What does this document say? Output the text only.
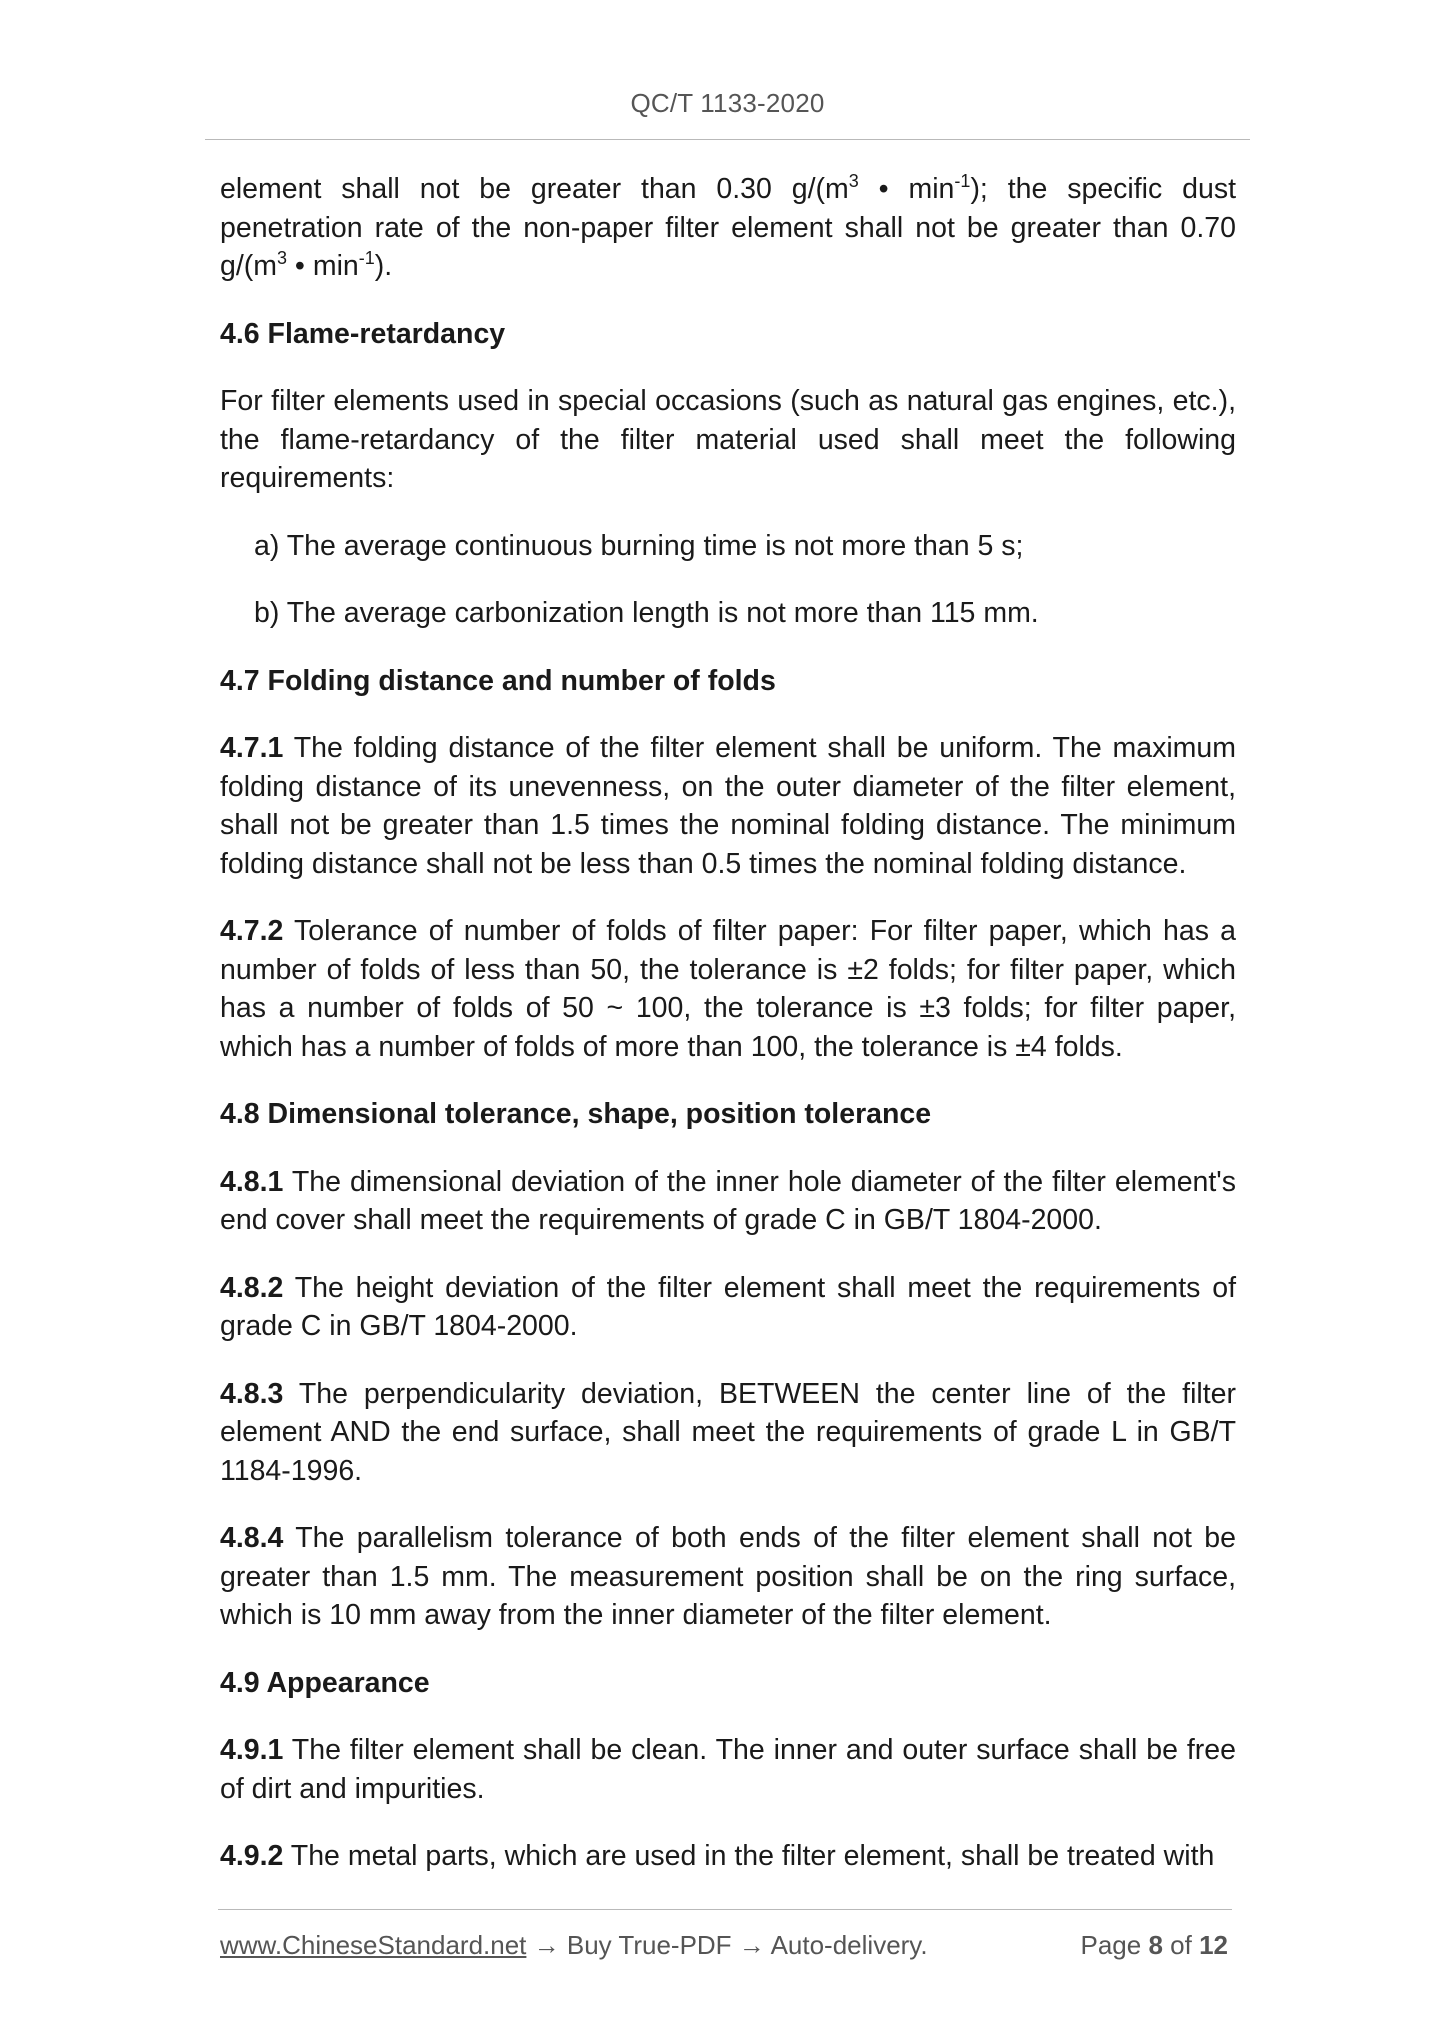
QC/T 1133-2020

element shall not be greater than 0.30 $g/(m^3$ • $\min^{-1}$); the specific dust penetration rate of the non-paper filter element shall not be greater than 0.70 $g/(m^3$ • $\min^{-1}$).

4.6 Flame-retardancy

For filter elements used in special occasions (such as natural gas engines, etc.), the flame-retardancy of the filter material used shall meet the following requirements:

a) The average continuous burning time is not more than 5 s;

b) The average carbonization length is not more than 115 mm.

4.7 Folding distance and number of folds

4.7.1 The folding distance of the filter element shall be uniform. The maximum folding distance of its unevenness, on the outer diameter of the filter element, shall not be greater than 1.5 times the nominal folding distance. The minimum folding distance shall not be less than 0.5 times the nominal folding distance.

4.7.2 Tolerance of number of folds of filter paper: For filter paper, which has a number of folds of less than 50, the tolerance is ±2 folds; for filter paper, which has a number of folds of 50 ~ 100, the tolerance is ±3 folds; for filter paper, which has a number of folds of more than 100, the tolerance is ±4 folds.

4.8 Dimensional tolerance, shape, position tolerance

4.8.1 The dimensional deviation of the inner hole diameter of the filter element's end cover shall meet the requirements of grade C in GB/T 1804-2000.

4.8.2 The height deviation of the filter element shall meet the requirements of grade C in GB/T 1804-2000.

4.8.3 The perpendicularity deviation, BETWEEN the center line of the filter element AND the end surface, shall meet the requirements of grade L in GB/T 1184-1996.

4.8.4 The parallelism tolerance of both ends of the filter element shall not be greater than 1.5 mm. The measurement position shall be on the ring surface, which is 10 mm away from the inner diameter of the filter element.

4.9 Appearance

4.9.1 The filter element shall be clean. The inner and outer surface shall be free of dirt and impurities.

4.9.2 The metal parts, which are used in the filter element, shall be treated with

www.ChineseStandard.net → Buy True-PDF → Auto-delivery.	Page 8 of 12
